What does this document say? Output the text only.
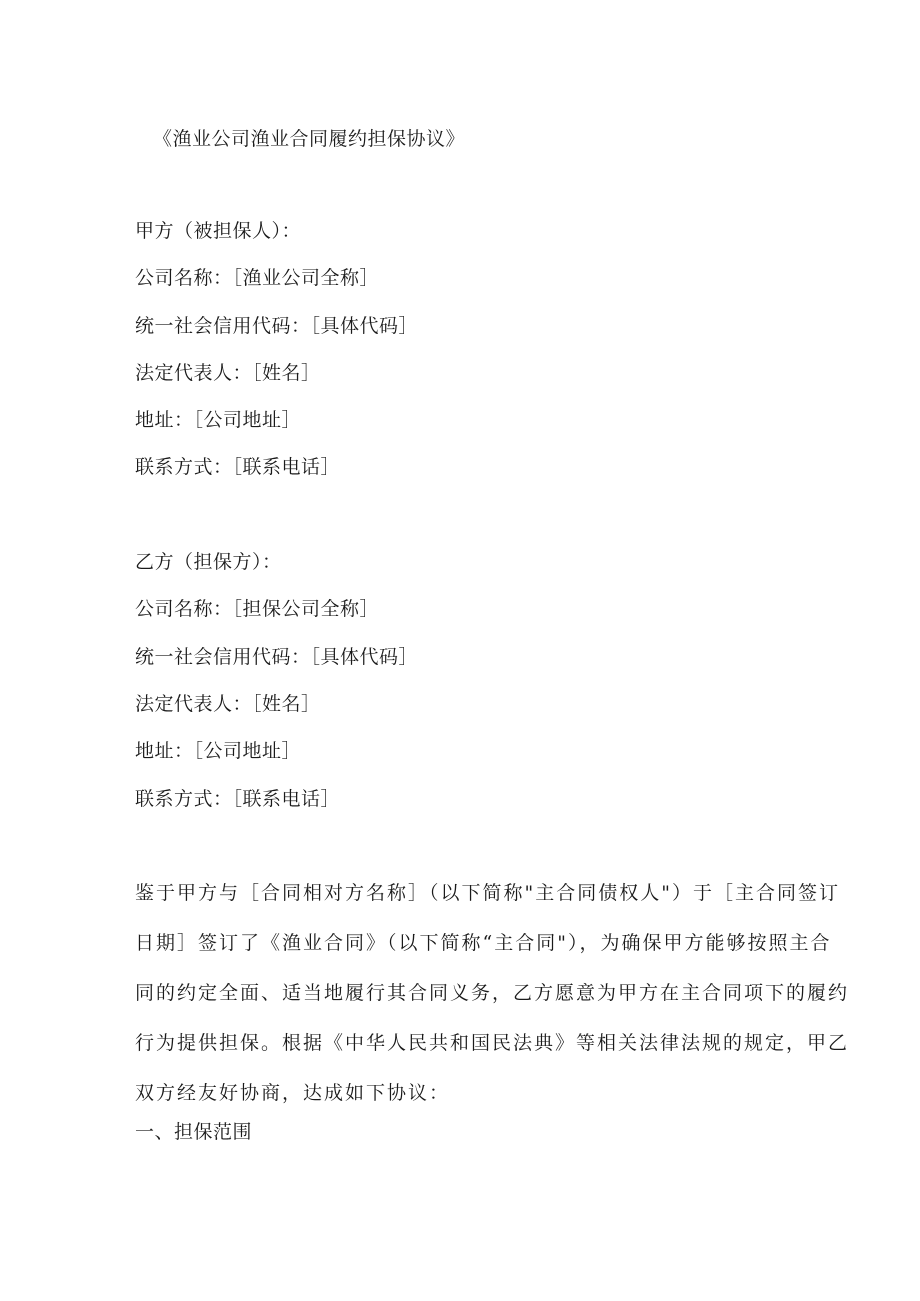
《渔业公司渔业合同履约担保协议》
甲方（被担保人）：
公司名称：［渔业公司全称］
统一社会信用代码：［具体代码］
法定代表人：［姓名］
地址：［公司地址］
联系方式：［联系电话］
乙方（担保方）：
公司名称：［担保公司全称］
统一社会信用代码：［具体代码］
法定代表人：［姓名］
地址：［公司地址］
联系方式：［联系电话］
鉴于甲方与［合同相对方名称］（以下简称"主合同债权人"）于［主合同签订
日期］签订了《渔业合同》（以下简称“主合同"），为确保甲方能够按照主合
同的约定全面、适当地履行其合同义务，乙方愿意为甲方在主合同项下的履约
行为提供担保。根据《中华人民共和国民法典》等相关法律法规的规定，甲乙
双方经友好协商，达成如下协议：
一、担保范围
